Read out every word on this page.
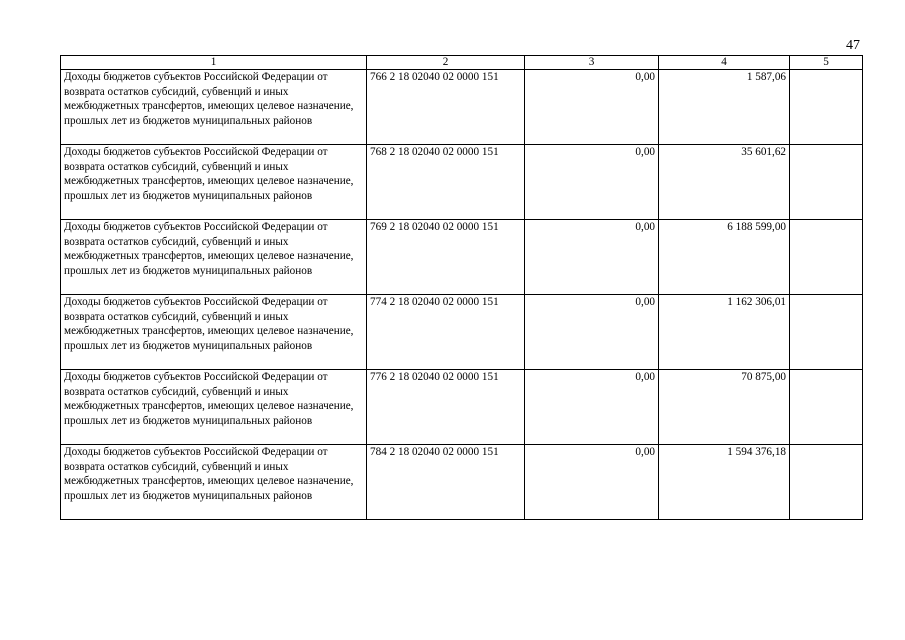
47
1	2	3	4	5
Доходы бюджетов субъектов Российской Федерации от возврата остатков субсидий, субвенций и иных межбюджетных трансфертов, имеющих целевое назначение, прошлых лет из бюджетов муниципальных районов	766 2 18 02040 02 0000 151	0,00	1 587,06	
Доходы бюджетов субъектов Российской Федерации от возврата остатков субсидий, субвенций и иных межбюджетных трансфертов, имеющих целевое назначение, прошлых лет из бюджетов муниципальных районов	768 2 18 02040 02 0000 151	0,00	35 601,62	
Доходы бюджетов субъектов Российской Федерации от возврата остатков субсидий, субвенций и иных межбюджетных трансфертов, имеющих целевое назначение, прошлых лет из бюджетов муниципальных районов	769 2 18 02040 02 0000 151	0,00	6 188 599,00	
Доходы бюджетов субъектов Российской Федерации от возврата остатков субсидий, субвенций и иных межбюджетных трансфертов, имеющих целевое назначение, прошлых лет из бюджетов муниципальных районов	774 2 18 02040 02 0000 151	0,00	1 162 306,01	
Доходы бюджетов субъектов Российской Федерации от возврата остатков субсидий, субвенций и иных межбюджетных трансфертов, имеющих целевое назначение, прошлых лет из бюджетов муниципальных районов	776 2 18 02040 02 0000 151	0,00	70 875,00	
Доходы бюджетов субъектов Российской Федерации от возврата остатков субсидий, субвенций и иных межбюджетных трансфертов, имеющих целевое назначение, прошлых лет из бюджетов муниципальных районов	784 2 18 02040 02 0000 151	0,00	1 594 376,18	
